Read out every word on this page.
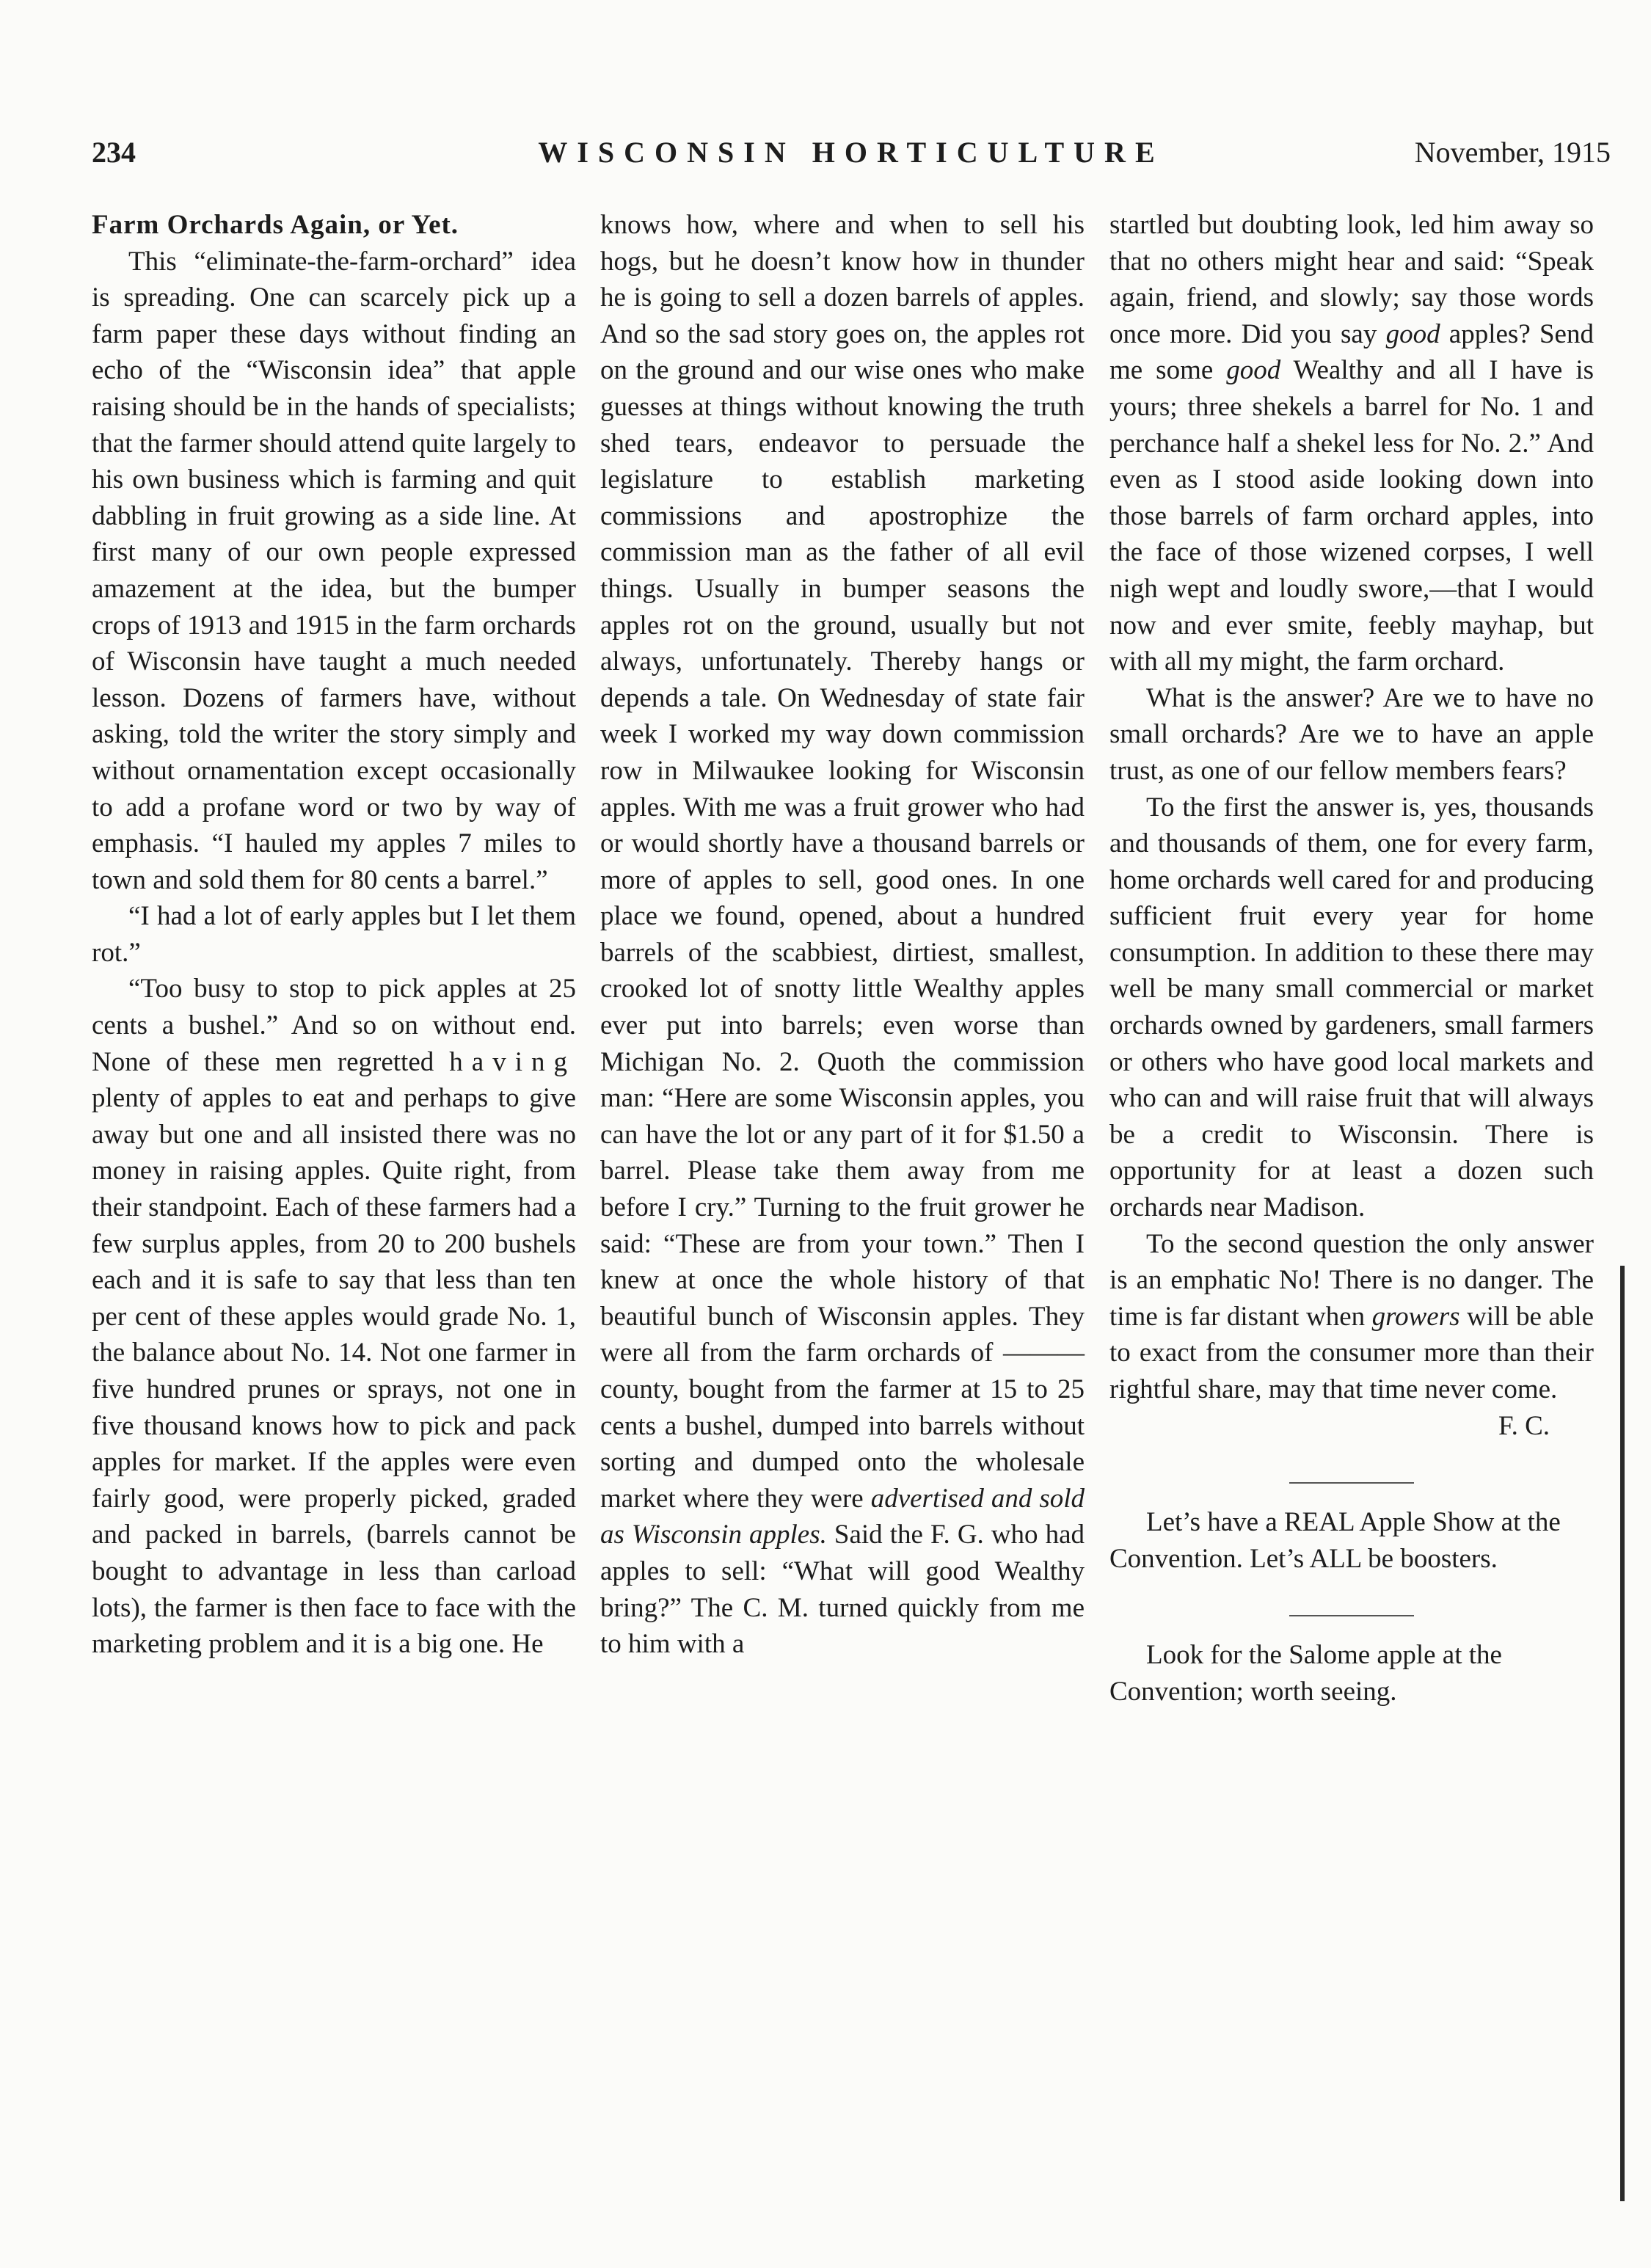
234	WISCONSIN HORTICULTURE	November, 1915

Farm Orchards Again, or Yet.

This “eliminate-the-farm-orchard” idea is spreading. One can scarcely pick up a farm paper these days without finding an echo of the “Wisconsin idea” that apple raising should be in the hands of specialists; that the farmer should attend quite largely to his own business which is farming and quit dabbling in fruit growing as a side line. At first many of our own people expressed amazement at the idea, but the bumper crops of 1913 and 1915 in the farm orchards of Wisconsin have taught a much needed lesson. Dozens of farmers have, without asking, told the writer the story simply and without ornamentation except occasionally to add a profane word or two by way of emphasis. “I hauled my apples 7 miles to town and sold them for 80 cents a barrel.”

“I had a lot of early apples but I let them rot.”

“Too busy to stop to pick apples at 25 cents a bushel.” And so on without end. None of these men regretted having plenty of apples to eat and perhaps to give away but one and all insisted there was no money in raising apples. Quite right, from their standpoint. Each of these farmers had a few surplus apples, from 20 to 200 bushels each and it is safe to say that less than ten per cent of these apples would grade No. 1, the balance about No. 14. Not one farmer in five hundred prunes or sprays, not one in five thousand knows how to pick and pack apples for market. If the apples were even fairly good, were properly picked, graded and packed in barrels, (barrels cannot be bought to advantage in less than carload lots), the farmer is then face to face with the marketing problem and it is a big one. He

knows how, where and when to sell his hogs, but he doesn’t know how in thunder he is going to sell a dozen barrels of apples. And so the sad story goes on, the apples rot on the ground and our wise ones who make guesses at things without knowing the truth shed tears, endeavor to persuade the legislature to establish marketing commissions and apostrophize the commission man as the father of all evil things. Usually in bumper seasons the apples rot on the ground, usually but not always, unfortunately. Thereby hangs or depends a tale. On Wednesday of state fair week I worked my way down commission row in Milwaukee looking for Wisconsin apples. With me was a fruit grower who had or would shortly have a thousand barrels or more of apples to sell, good ones. In one place we found, opened, about a hundred barrels of the scabbiest, dirtiest, smallest, crooked lot of snotty little Wealthy apples ever put into barrels; even worse than Michigan No. 2. Quoth the commission man: “Here are some Wisconsin apples, you can have the lot or any part of it for $1.50 a barrel. Please take them away from me before I cry.” Turning to the fruit grower he said: “These are from your town.” Then I knew at once the whole history of that beautiful bunch of Wisconsin apples. They were all from the farm orchards of ——— county, bought from the farmer at 15 to 25 cents a bushel, dumped into barrels without sorting and dumped onto the wholesale market where they were advertised and sold as Wisconsin apples. Said the F. G. who had apples to sell: “What will good Wealthy bring?” The C. M. turned quickly from me to him with a

startled but doubting look, led him away so that no others might hear and said: “Speak again, friend, and slowly; say those words once more. Did you say good apples? Send me some good Wealthy and all I have is yours; three shekels a barrel for No. 1 and perchance half a shekel less for No. 2.” And even as I stood aside looking down into those barrels of farm orchard apples, into the face of those wizened corpses, I well nigh wept and loudly swore,—that I would now and ever smite, feebly mayhap, but with all my might, the farm orchard.

What is the answer? Are we to have no small orchards? Are we to have an apple trust, as one of our fellow members fears?

To the first the answer is, yes, thousands and thousands of them, one for every farm, home orchards well cared for and producing sufficient fruit every year for home consumption. In addition to these there may well be many small commercial or market orchards owned by gardeners, small farmers or others who have good local markets and who can and will raise fruit that will always be a credit to Wisconsin. There is opportunity for at least a dozen such orchards near Madison.

To the second question the only answer is an emphatic No! There is no danger. The time is far distant when growers will be able to exact from the consumer more than their rightful share, may that time never come.
F. C.

Let’s have a REAL Apple Show at the Convention. Let’s ALL be boosters.

Look for the Salome apple at the Convention; worth seeing.
